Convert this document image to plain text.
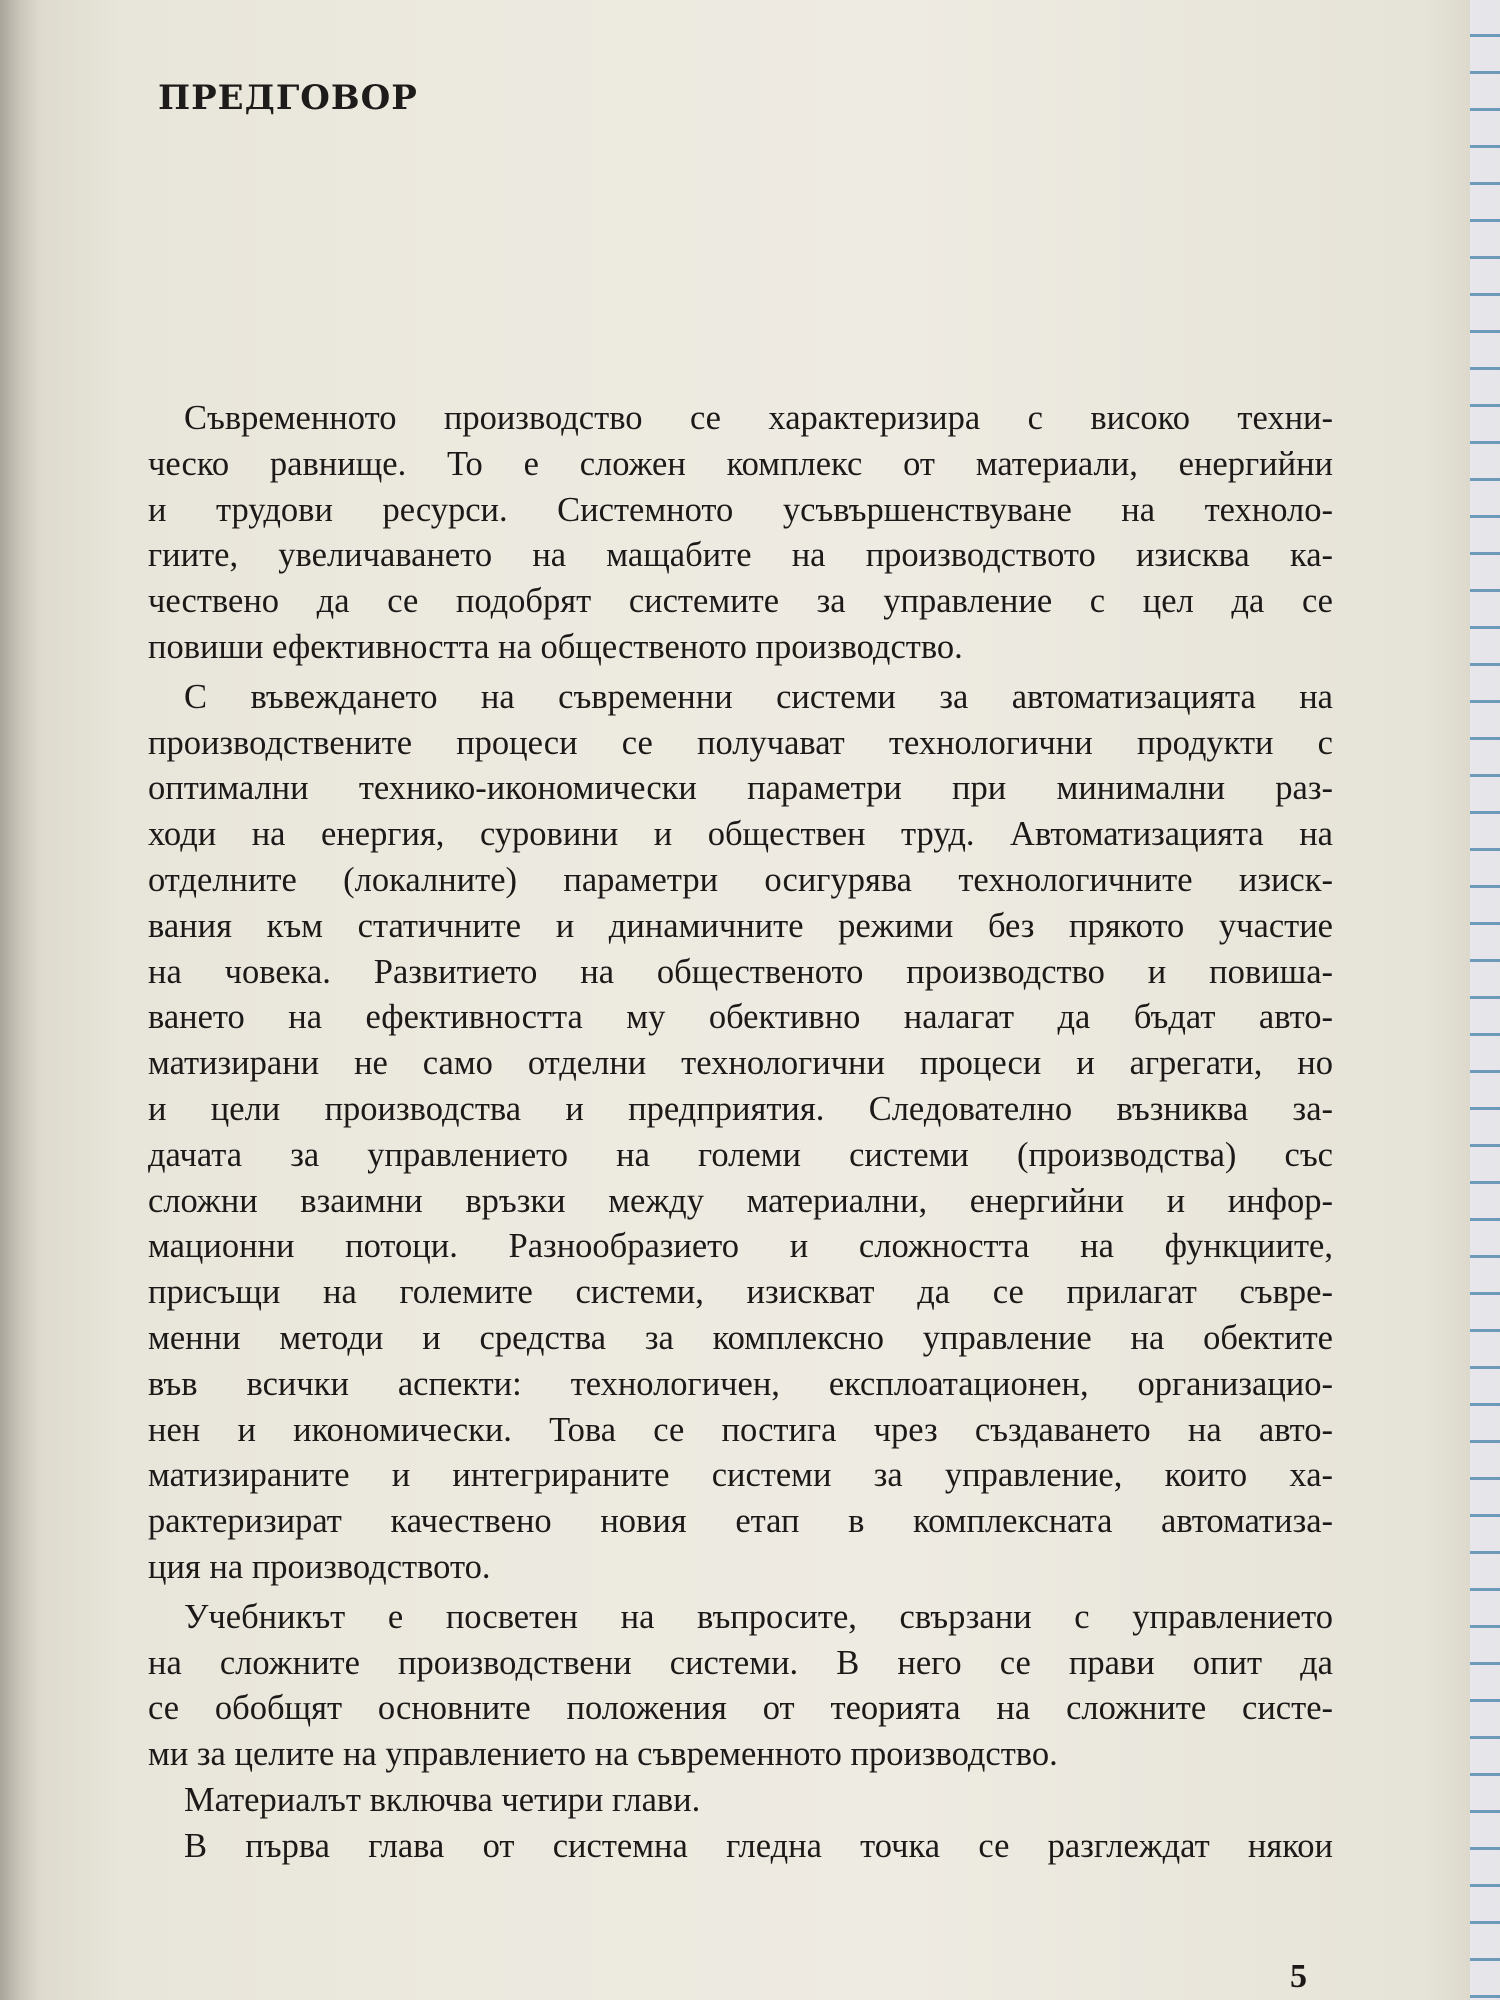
ПРЕДГОВОР
Съвременното производство се характеризира с високо техни-
ческо равнище. То е сложен комплекс от материали, енергийни
и трудови ресурси. Системното усъвършенствуване на техноло-
гиите, увеличаването на мащабите на производството изисква ка-
чествено да се подобрят системите за управление с цел да се
повиши ефективността на общественото производство.
С въвеждането на съвременни системи за автоматизацията на
производствените процеси се получават технологични продукти с
оптимални технико-икономически параметри при минимални раз-
ходи на енергия, суровини и обществен труд. Автоматизацията на
отделните (локалните) параметри осигурява технологичните изиск-
вания към статичните и динамичните режими без прякото участие
на човека. Развитието на общественото производство и повиша-
ването на ефективността му обективно налагат да бъдат авто-
матизирани не само отделни технологични процеси и агрегати, но
и цели производства и предприятия. Следователно възниква за-
дачата за управлението на големи системи (производства) със
сложни взаимни връзки между материални, енергийни и инфор-
мационни потоци. Разнообразието и сложността на функциите,
присъщи на големите системи, изискват да се прилагат съвре-
менни методи и средства за комплексно управление на обектите
във всички аспекти: технологичен, експлоатационен, организацио-
нен и икономически. Това се постига чрез създаването на авто-
матизираните и интегрираните системи за управление, които ха-
рактеризират качествено новия етап в комплексната автоматиза-
ция на производството.
Учебникът е посветен на въпросите, свързани с управлението
на сложните производствени системи. В него се прави опит да
се обобщят основните положения от теорията на сложните систе-
ми за целите на управлението на съвременното производство.
Материалът включва четири глави.
В първа глава от системна гледна точка се разглеждат някои
5
